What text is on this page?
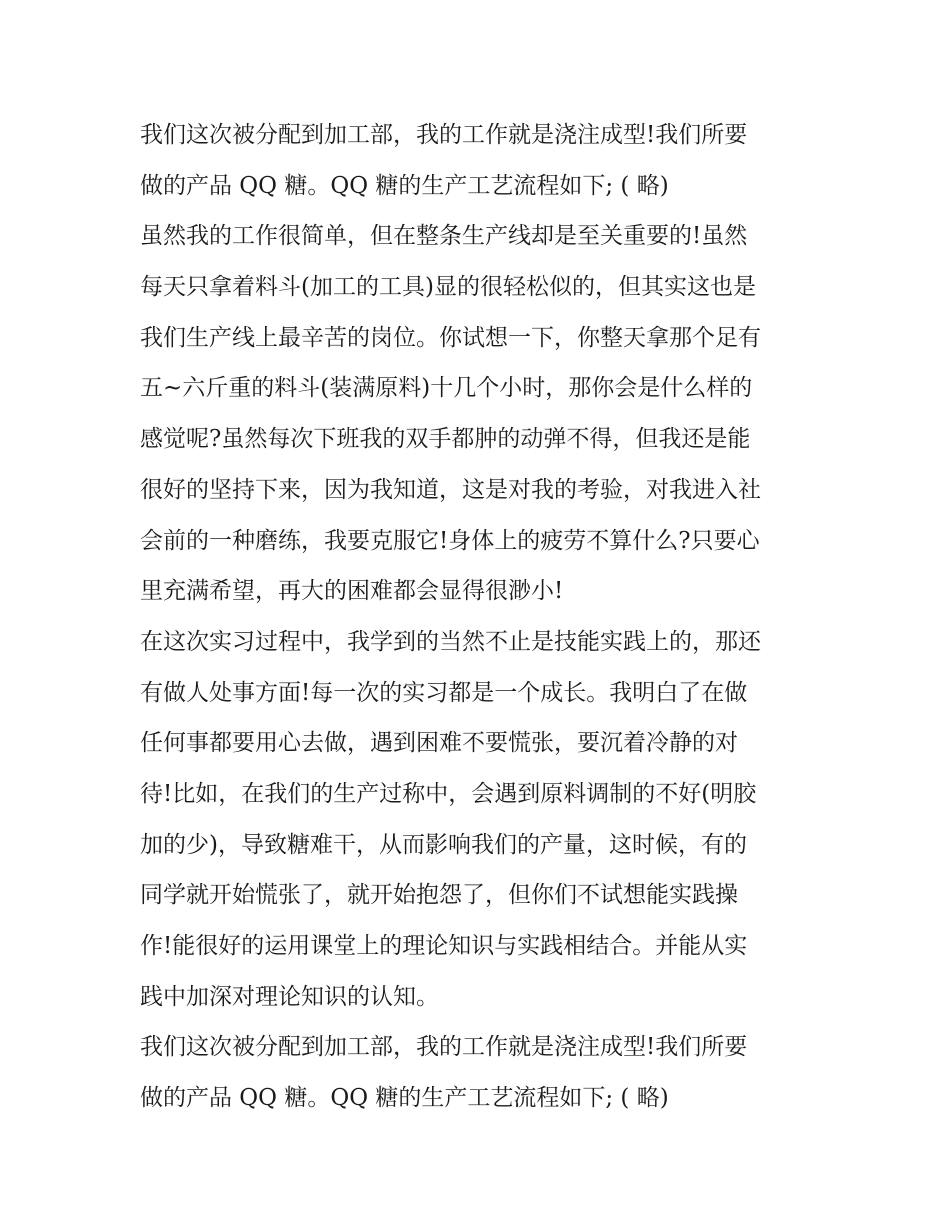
我们这次被分配到加工部，我的工作就是浇注成型!我们所要
做的产品 QQ 糖。QQ 糖的生产工艺流程如下; ( 略)
虽然我的工作很简单，但在整条生产线却是至关重要的!虽然
每天只拿着料斗(加工的工具)显的很轻松似的，但其实这也是
我们生产线上最辛苦的岗位。你试想一下，你整天拿那个足有
五~六斤重的料斗(装满原料)十几个小时，那你会是什么样的
感觉呢?虽然每次下班我的双手都肿的动弹不得，但我还是能
很好的坚持下来，因为我知道，这是对我的考验，对我进入社
会前的一种磨练，我要克服它!身体上的疲劳不算什么?只要心
里充满希望，再大的困难都会显得很渺小!
在这次实习过程中，我学到的当然不止是技能实践上的，那还
有做人处事方面!每一次的实习都是一个成长。我明白了在做
任何事都要用心去做，遇到困难不要慌张，要沉着冷静的对
待!比如，在我们的生产过称中，会遇到原料调制的不好(明胶
加的少)，导致糖难干，从而影响我们的产量，这时候，有的
同学就开始慌张了，就开始抱怨了，但你们不试想能实践操
作!能很好的运用课堂上的理论知识与实践相结合。并能从实
践中加深对理论知识的认知。
我们这次被分配到加工部，我的工作就是浇注成型!我们所要
做的产品 QQ 糖。QQ 糖的生产工艺流程如下; ( 略)
